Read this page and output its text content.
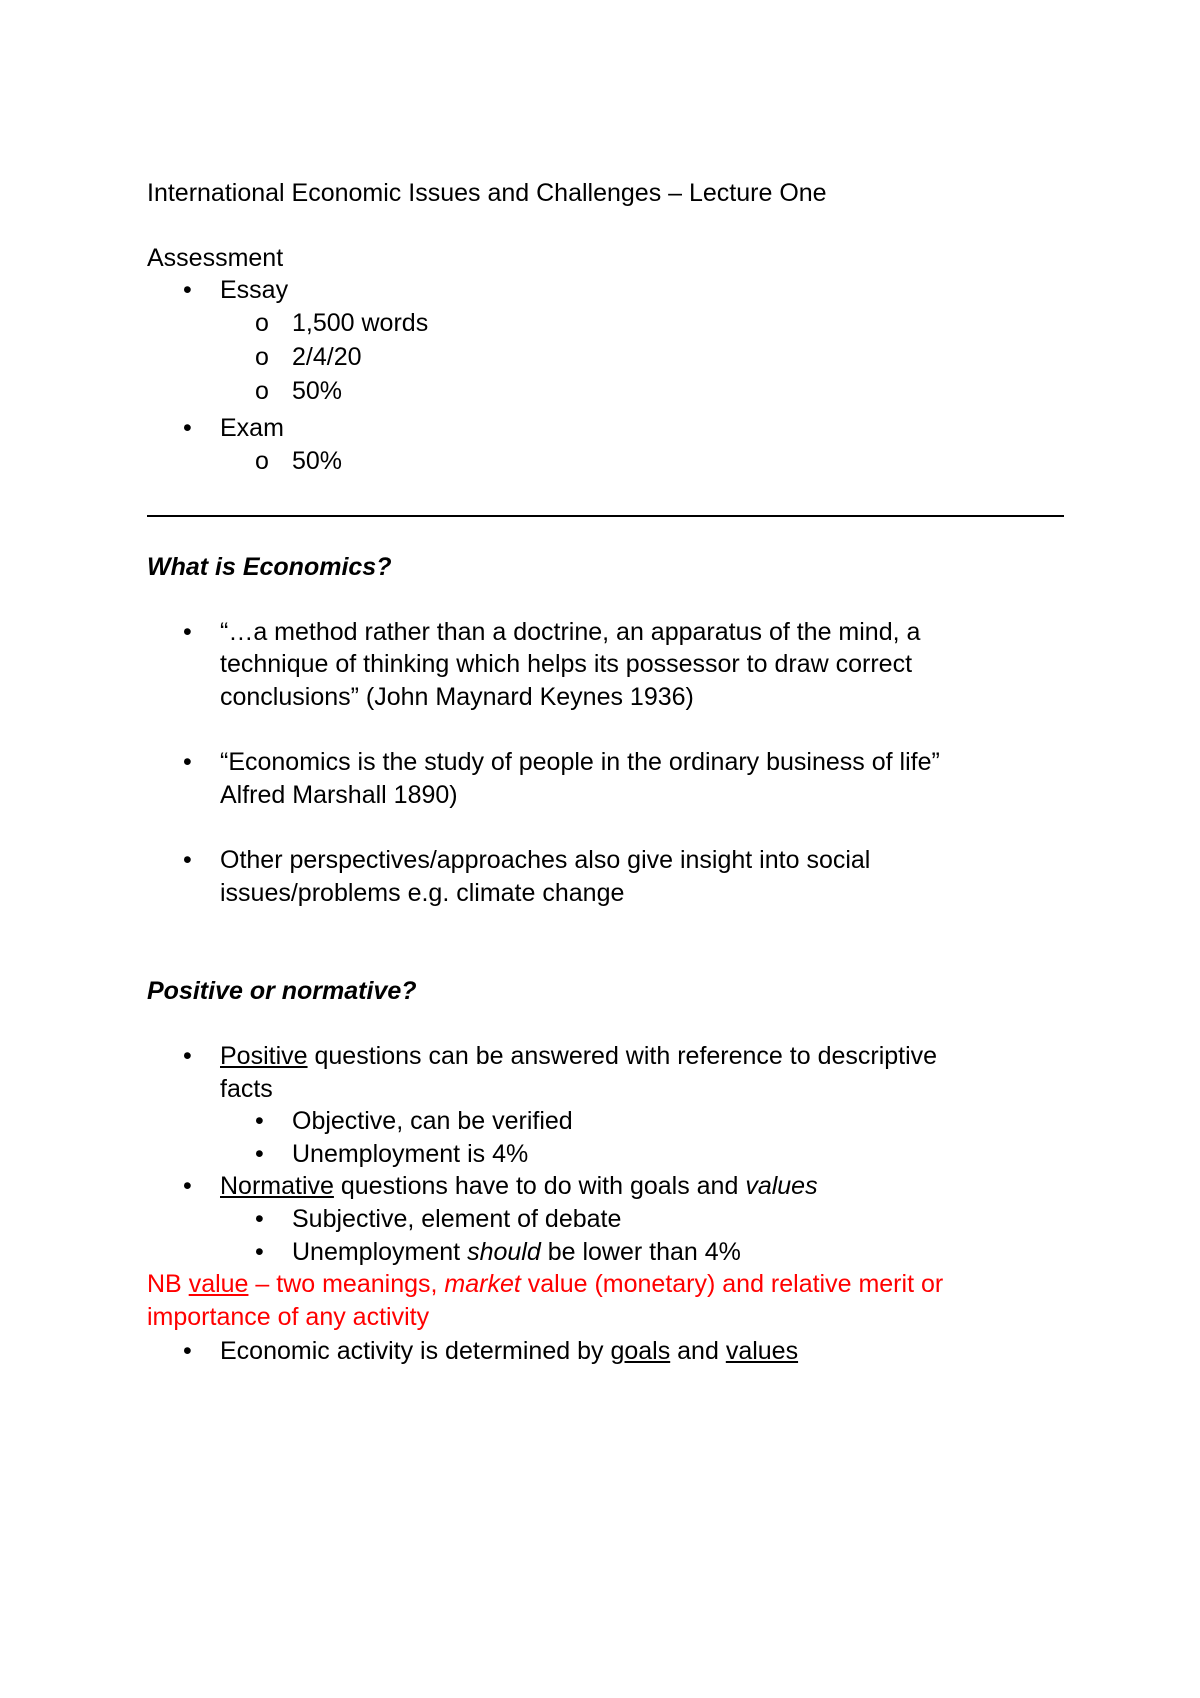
International Economic Issues and Challenges – Lecture One
Assessment
•	Essay
o 1,500 words
o 2/4/20
o 50%
•	Exam
o 50%
What is Economics?
•	“…a method rather than a doctrine, an apparatus of the mind, a
technique of thinking which helps its possessor to draw correct
conclusions” (John Maynard Keynes 1936)
•	“Economics is the study of people in the ordinary business of life”
Alfred Marshall 1890)
•	Other perspectives/approaches also give insight into social
issues/problems e.g. climate change
Positive or normative?
•	Positive questions can be answered with reference to descriptive
facts
•	Objective, can be verified
•	Unemployment is 4%
•	Normative questions have to do with goals and values
•	Subjective, element of debate
•	Unemployment should be lower than 4%
NB value – two meanings, market value (monetary) and relative merit or
importance of any activity
•	Economic activity is determined by goals and values
